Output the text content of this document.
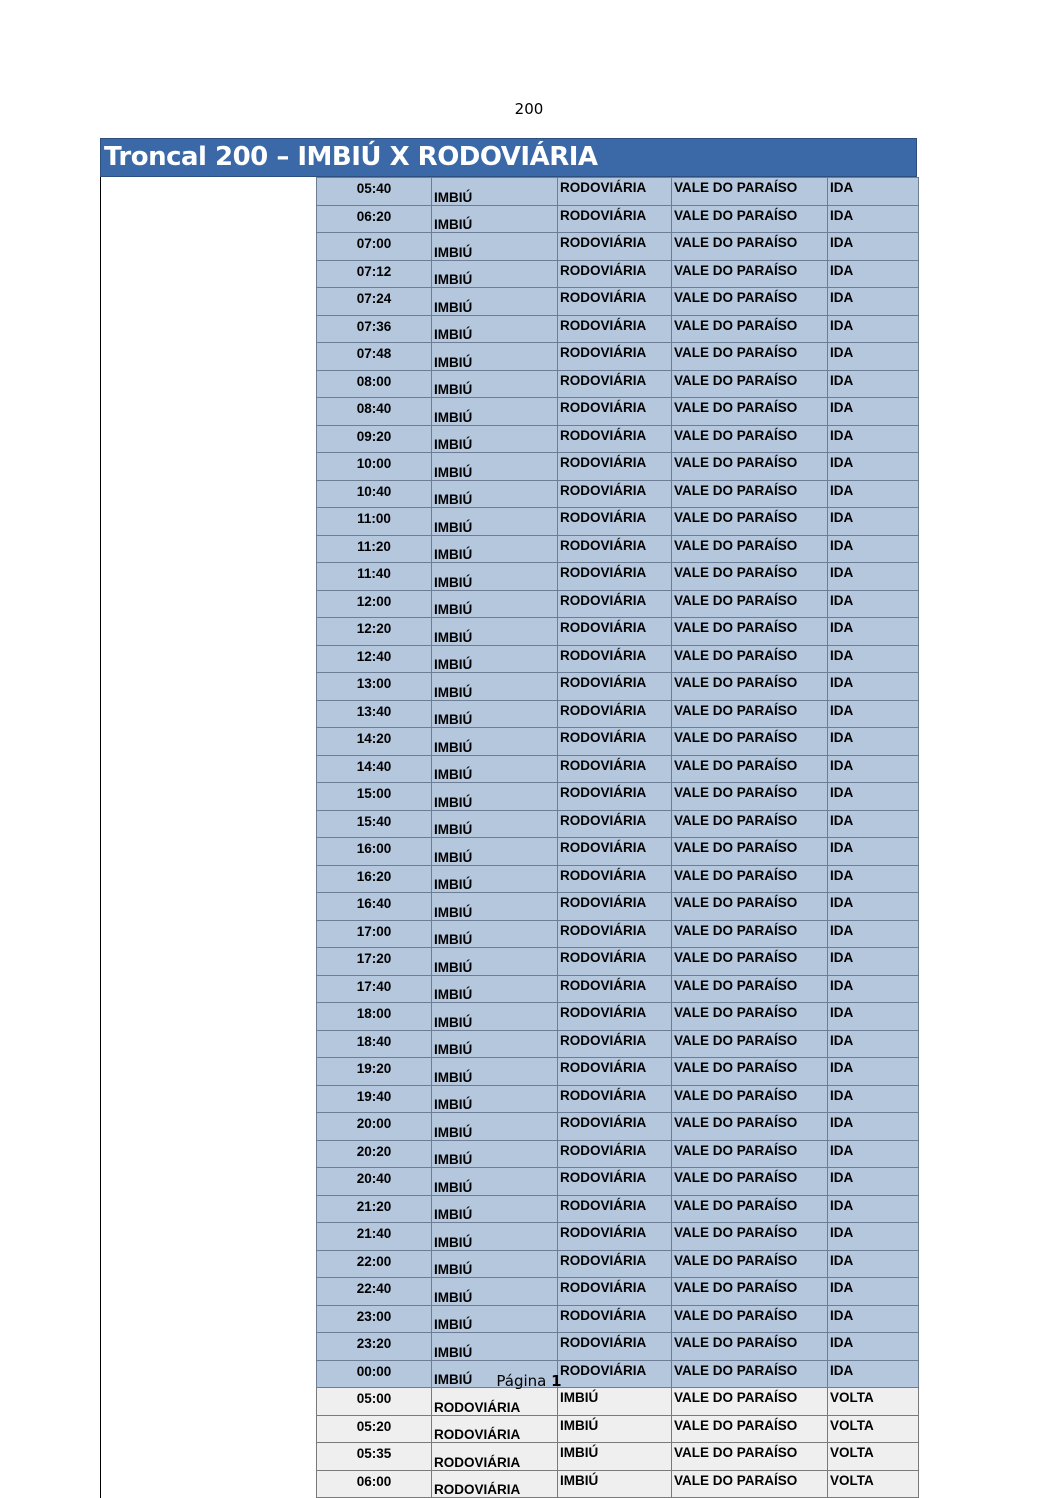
200
Troncal 200 – IMBIÚ X RODOVIÁRIA
05:40	IMBIÚ	RODOVIÁRIA	VALE DO PARAÍSO	IDA
06:20	IMBIÚ	RODOVIÁRIA	VALE DO PARAÍSO	IDA
07:00	IMBIÚ	RODOVIÁRIA	VALE DO PARAÍSO	IDA
07:12	IMBIÚ	RODOVIÁRIA	VALE DO PARAÍSO	IDA
07:24	IMBIÚ	RODOVIÁRIA	VALE DO PARAÍSO	IDA
07:36	IMBIÚ	RODOVIÁRIA	VALE DO PARAÍSO	IDA
07:48	IMBIÚ	RODOVIÁRIA	VALE DO PARAÍSO	IDA
08:00	IMBIÚ	RODOVIÁRIA	VALE DO PARAÍSO	IDA
08:40	IMBIÚ	RODOVIÁRIA	VALE DO PARAÍSO	IDA
09:20	IMBIÚ	RODOVIÁRIA	VALE DO PARAÍSO	IDA
10:00	IMBIÚ	RODOVIÁRIA	VALE DO PARAÍSO	IDA
10:40	IMBIÚ	RODOVIÁRIA	VALE DO PARAÍSO	IDA
11:00	IMBIÚ	RODOVIÁRIA	VALE DO PARAÍSO	IDA
11:20	IMBIÚ	RODOVIÁRIA	VALE DO PARAÍSO	IDA
11:40	IMBIÚ	RODOVIÁRIA	VALE DO PARAÍSO	IDA
12:00	IMBIÚ	RODOVIÁRIA	VALE DO PARAÍSO	IDA
12:20	IMBIÚ	RODOVIÁRIA	VALE DO PARAÍSO	IDA
12:40	IMBIÚ	RODOVIÁRIA	VALE DO PARAÍSO	IDA
13:00	IMBIÚ	RODOVIÁRIA	VALE DO PARAÍSO	IDA
13:40	IMBIÚ	RODOVIÁRIA	VALE DO PARAÍSO	IDA
14:20	IMBIÚ	RODOVIÁRIA	VALE DO PARAÍSO	IDA
14:40	IMBIÚ	RODOVIÁRIA	VALE DO PARAÍSO	IDA
15:00	IMBIÚ	RODOVIÁRIA	VALE DO PARAÍSO	IDA
15:40	IMBIÚ	RODOVIÁRIA	VALE DO PARAÍSO	IDA
16:00	IMBIÚ	RODOVIÁRIA	VALE DO PARAÍSO	IDA
16:20	IMBIÚ	RODOVIÁRIA	VALE DO PARAÍSO	IDA
16:40	IMBIÚ	RODOVIÁRIA	VALE DO PARAÍSO	IDA
17:00	IMBIÚ	RODOVIÁRIA	VALE DO PARAÍSO	IDA
17:20	IMBIÚ	RODOVIÁRIA	VALE DO PARAÍSO	IDA
17:40	IMBIÚ	RODOVIÁRIA	VALE DO PARAÍSO	IDA
18:00	IMBIÚ	RODOVIÁRIA	VALE DO PARAÍSO	IDA
18:40	IMBIÚ	RODOVIÁRIA	VALE DO PARAÍSO	IDA
19:20	IMBIÚ	RODOVIÁRIA	VALE DO PARAÍSO	IDA
19:40	IMBIÚ	RODOVIÁRIA	VALE DO PARAÍSO	IDA
20:00	IMBIÚ	RODOVIÁRIA	VALE DO PARAÍSO	IDA
20:20	IMBIÚ	RODOVIÁRIA	VALE DO PARAÍSO	IDA
20:40	IMBIÚ	RODOVIÁRIA	VALE DO PARAÍSO	IDA
21:20	IMBIÚ	RODOVIÁRIA	VALE DO PARAÍSO	IDA
21:40	IMBIÚ	RODOVIÁRIA	VALE DO PARAÍSO	IDA
22:00	IMBIÚ	RODOVIÁRIA	VALE DO PARAÍSO	IDA
22:40	IMBIÚ	RODOVIÁRIA	VALE DO PARAÍSO	IDA
23:00	IMBIÚ	RODOVIÁRIA	VALE DO PARAÍSO	IDA
23:20	IMBIÚ	RODOVIÁRIA	VALE DO PARAÍSO	IDA
00:00	IMBIÚ	RODOVIÁRIA	VALE DO PARAÍSO	IDA
05:00	RODOVIÁRIA	IMBIÚ	VALE DO PARAÍSO	VOLTA
05:20	RODOVIÁRIA	IMBIÚ	VALE DO PARAÍSO	VOLTA
05:35	RODOVIÁRIA	IMBIÚ	VALE DO PARAÍSO	VOLTA
06:00	RODOVIÁRIA	IMBIÚ	VALE DO PARAÍSO	VOLTA
Página 1
